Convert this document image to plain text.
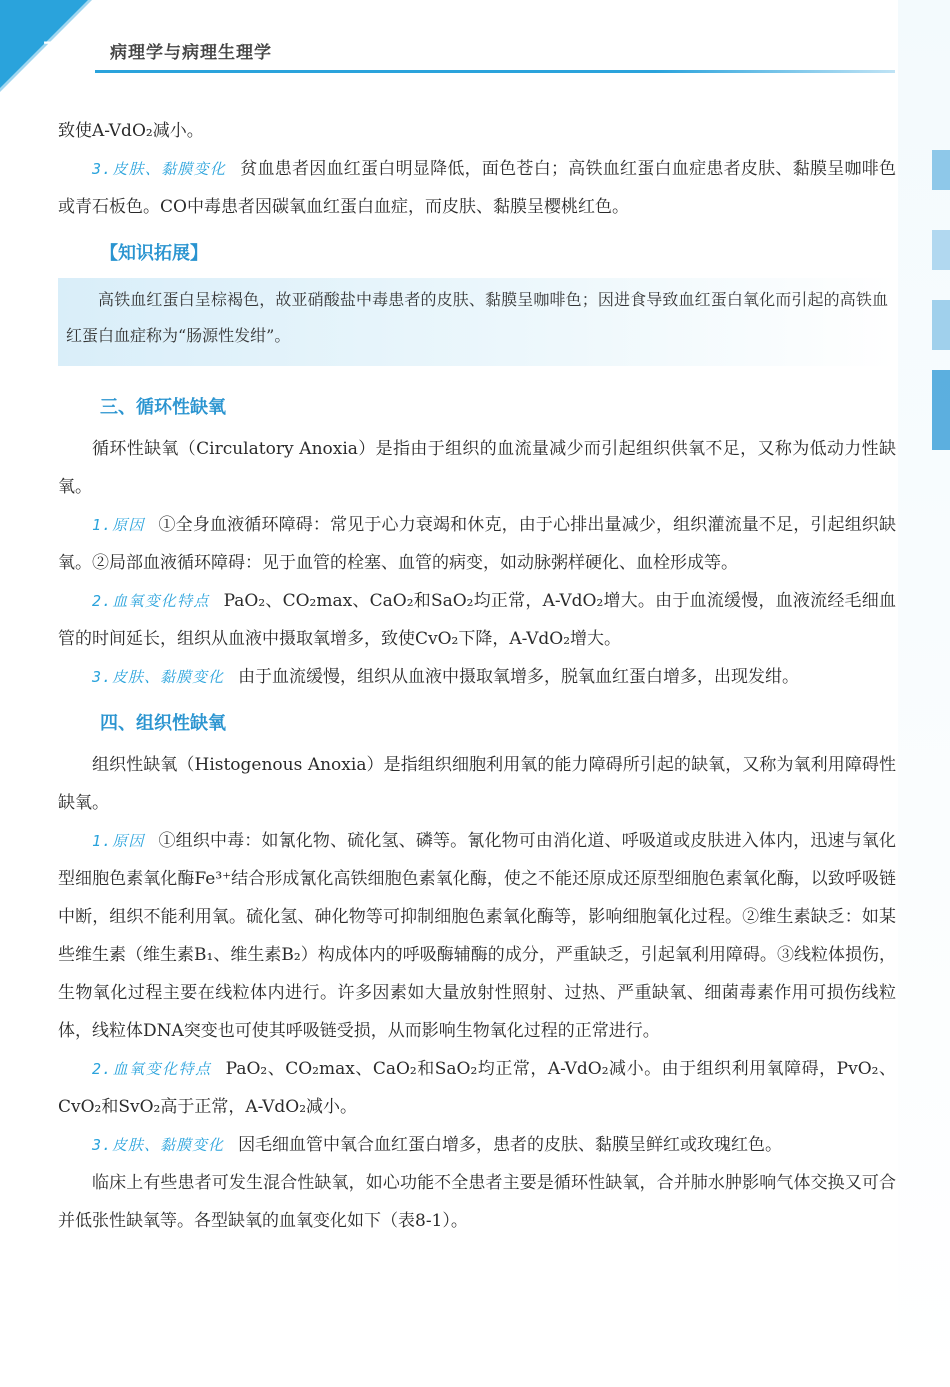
78	病理学与病理生理学

致使A-VdO₂减小。

3.皮肤、黏膜变化 贫血患者因血红蛋白明显降低，面色苍白；高铁血红蛋白血症患者皮肤、黏膜呈咖啡色或青石板色。CO中毒患者因碳氧血红蛋白血症，而皮肤、黏膜呈樱桃红色。

【知识拓展】

高铁血红蛋白呈棕褐色，故亚硝酸盐中毒患者的皮肤、黏膜呈咖啡色；因进食导致血红蛋白氧化而引起的高铁血红蛋白血症称为“肠源性发绀”。

三、循环性缺氧

循环性缺氧（Circulatory Anoxia）是指由于组织的血流量减少而引起组织供氧不足，又称为低动力性缺氧。

1.原因 ①全身血液循环障碍：常见于心力衰竭和休克，由于心排出量减少，组织灌流量不足，引起组织缺氧。②局部血液循环障碍：见于血管的栓塞、血管的病变，如动脉粥样硬化、血栓形成等。

2.血氧变化特点 PaO₂、CO₂max、CaO₂和SaO₂均正常，A-VdO₂增大。由于血流缓慢，血液流经毛细血管的时间延长，组织从血液中摄取氧增多，致使CvO₂下降，A-VdO₂增大。

3.皮肤、黏膜变化 由于血流缓慢，组织从血液中摄取氧增多，脱氧血红蛋白增多，出现发绀。

四、组织性缺氧

组织性缺氧（Histogenous Anoxia）是指组织细胞利用氧的能力障碍所引起的缺氧，又称为氧利用障碍性缺氧。

1.原因 ①组织中毒：如氰化物、硫化氢、磷等。氰化物可由消化道、呼吸道或皮肤进入体内，迅速与氧化型细胞色素氧化酶Fe³⁺结合形成氰化高铁细胞色素氧化酶，使之不能还原成还原型细胞色素氧化酶，以致呼吸链中断，组织不能利用氧。硫化氢、砷化物等可抑制细胞色素氧化酶等，影响细胞氧化过程。②维生素缺乏：如某些维生素（维生素B₁、维生素B₂）构成体内的呼吸酶辅酶的成分，严重缺乏，引起氧利用障碍。③线粒体损伤，生物氧化过程主要在线粒体内进行。许多因素如大量放射性照射、过热、严重缺氧、细菌毒素作用可损伤线粒体，线粒体DNA突变也可使其呼吸链受损，从而影响生物氧化过程的正常进行。

2.血氧变化特点 PaO₂、CO₂max、CaO₂和SaO₂均正常，A-VdO₂减小。由于组织利用氧障碍，PvO₂、CvO₂和SvO₂高于正常，A-VdO₂减小。

3.皮肤、黏膜变化 因毛细血管中氧合血红蛋白增多，患者的皮肤、黏膜呈鲜红或玫瑰红色。

临床上有些患者可发生混合性缺氧，如心功能不全患者主要是循环性缺氧，合并肺水肿影响气体交换又可合并低张性缺氧等。各型缺氧的血氧变化如下（表8-1）。
